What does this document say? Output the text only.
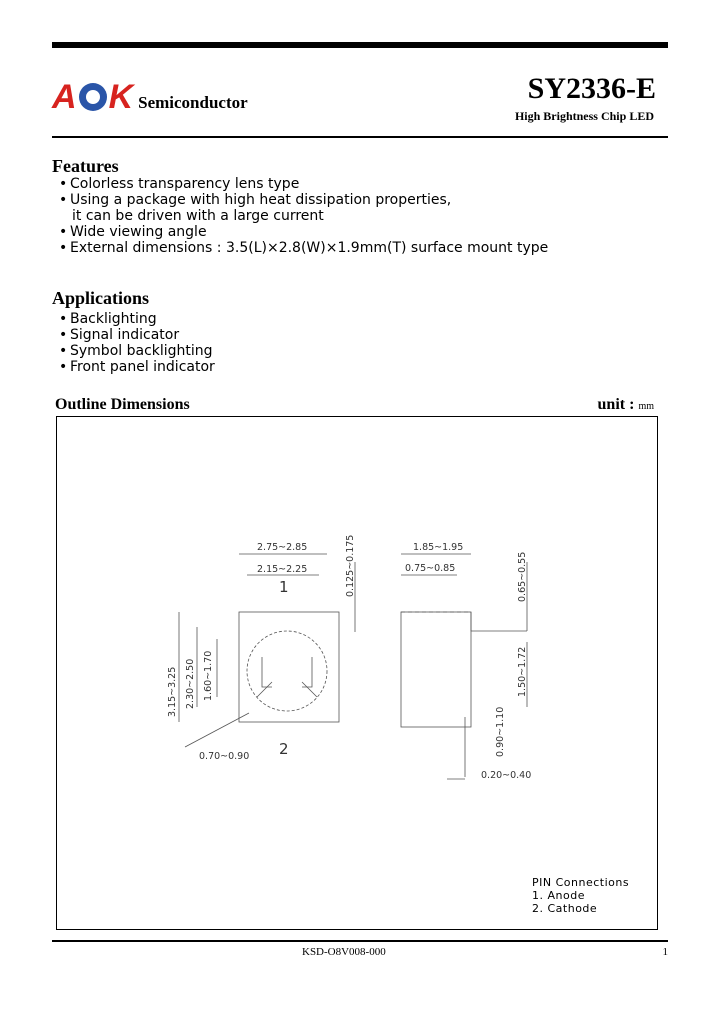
A K Semiconductor	SY2336-E
High Brightness Chip LED
Features
• Colorless transparency lens type
• Using a package with high heat dissipation properties,
it can be driven with a large current
• Wide viewing angle
• External dimensions : 3.5(L)×2.8(W)×1.9mm(T) surface mount type
Applications
• Backlighting
• Signal indicator
• Symbol backlighting
• Front panel indicator
Outline Dimensions	unit : mm
2.75~2.85
2.15~2.25	0.125~0.175
3.15~3.25 2.30~2.50 1.60~1.70
0.70~0.90
1
2
1.85~1.95
0.75~0.85	0.65~0.55
1.50~1.72
0.90~1.10
0.20~0.40
PIN Connections
1. Anode
2. Cathode
KSD-O8V008-000	1
